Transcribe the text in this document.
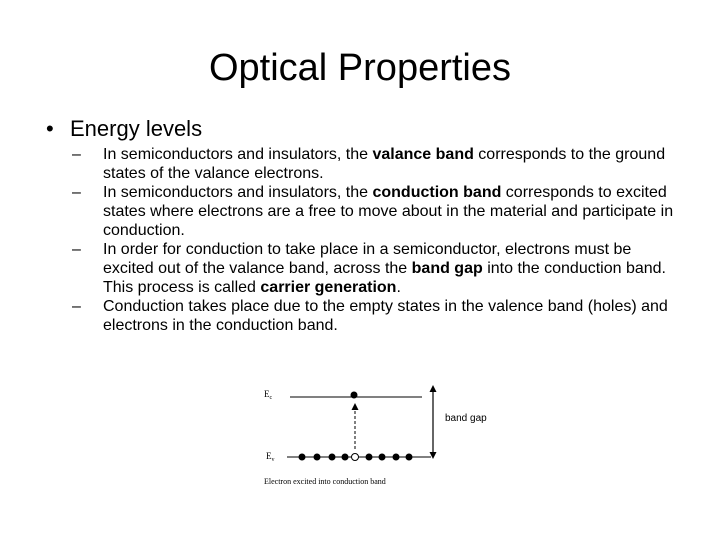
Optical Properties
• Energy levels
– In semiconductors and insulators, the valance band corresponds to the ground states of the valance electrons.
– In semiconductors and insulators, the conduction band corresponds to excited states where electrons are a free to move about in the material and participate in conduction.
– In order for conduction to take place in a semiconductor, electrons must be excited out of the valance band, across the band gap into the conduction band. This process is called carrier generation.
– Conduction takes place due to the empty states in the valence band (holes) and electrons in the conduction band.
$E_c$
band gap
$E_v$
Electron excited into conduction band
